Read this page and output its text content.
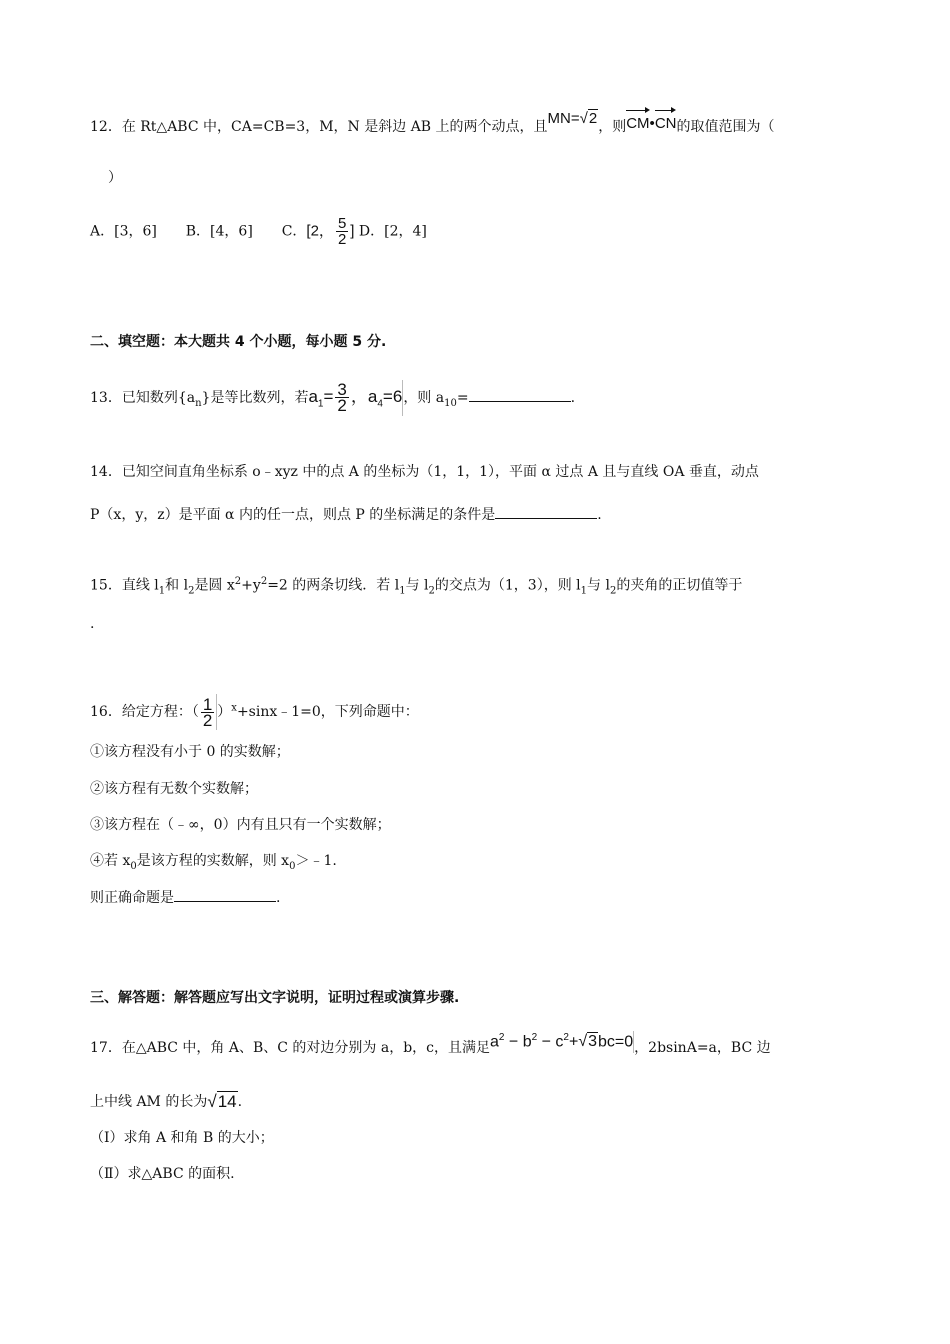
12．在 Rt△ABC 中，CA=CB=3，M，N 是斜边 AB 上的两个动点，且MN=√2，则CM•CN的取值范围为（
）
A．[3，6] B．[4，6] C．[2， $\frac{5}{2}$ ] D．[2，4]
二、填空题：本大题共 4 个小题，每小题 5 分.
13．已知数列$\{a_n\}$是等比数列，若$a_1= \frac{3}{2}$ ，$a_4=6$，则 $a_{10}=$	.
14．已知空间直角坐标系 o﹣xyz 中的点 A 的坐标为（1，1，1），平面 α 过点 A 且与直线 OA 垂直，动点
P（x，y，z）是平面 α 内的任一点，则点 P 的坐标满足的条件是	.
15．直线 $l_1$和 $l_2$是圆 $x^2+y^2=2$ 的两条切线．若 $l_1$与 $l_2$的交点为（1，3），则 $l_1$与 $l_2$的夹角的正切值等于
.
16．给定方程：（ $\frac{1}{2}$ ）$^x$+sinx﹣1=0，下列命题中：
①该方程没有小于 0 的实数解；
②该方程有无数个实数解；
③该方程在（﹣∞，0）内有且只有一个实数解；
④若 $x_0$是该方程的实数解，则 $x_0>﹣1$.
则正确命题是	.
三、解答题：解答题应写出文字说明，证明过程或演算步骤.
17．在△ABC 中，角 A、B、C 的对边分别为 a，b，c，且满足$a^2 - b^2 - c^2+√3bc=0$，2bsinA=a，BC 边
上中线 AM 的长为√14.
（Ⅰ）求角 A 和角 B 的大小；
（Ⅱ）求△ABC 的面积.
